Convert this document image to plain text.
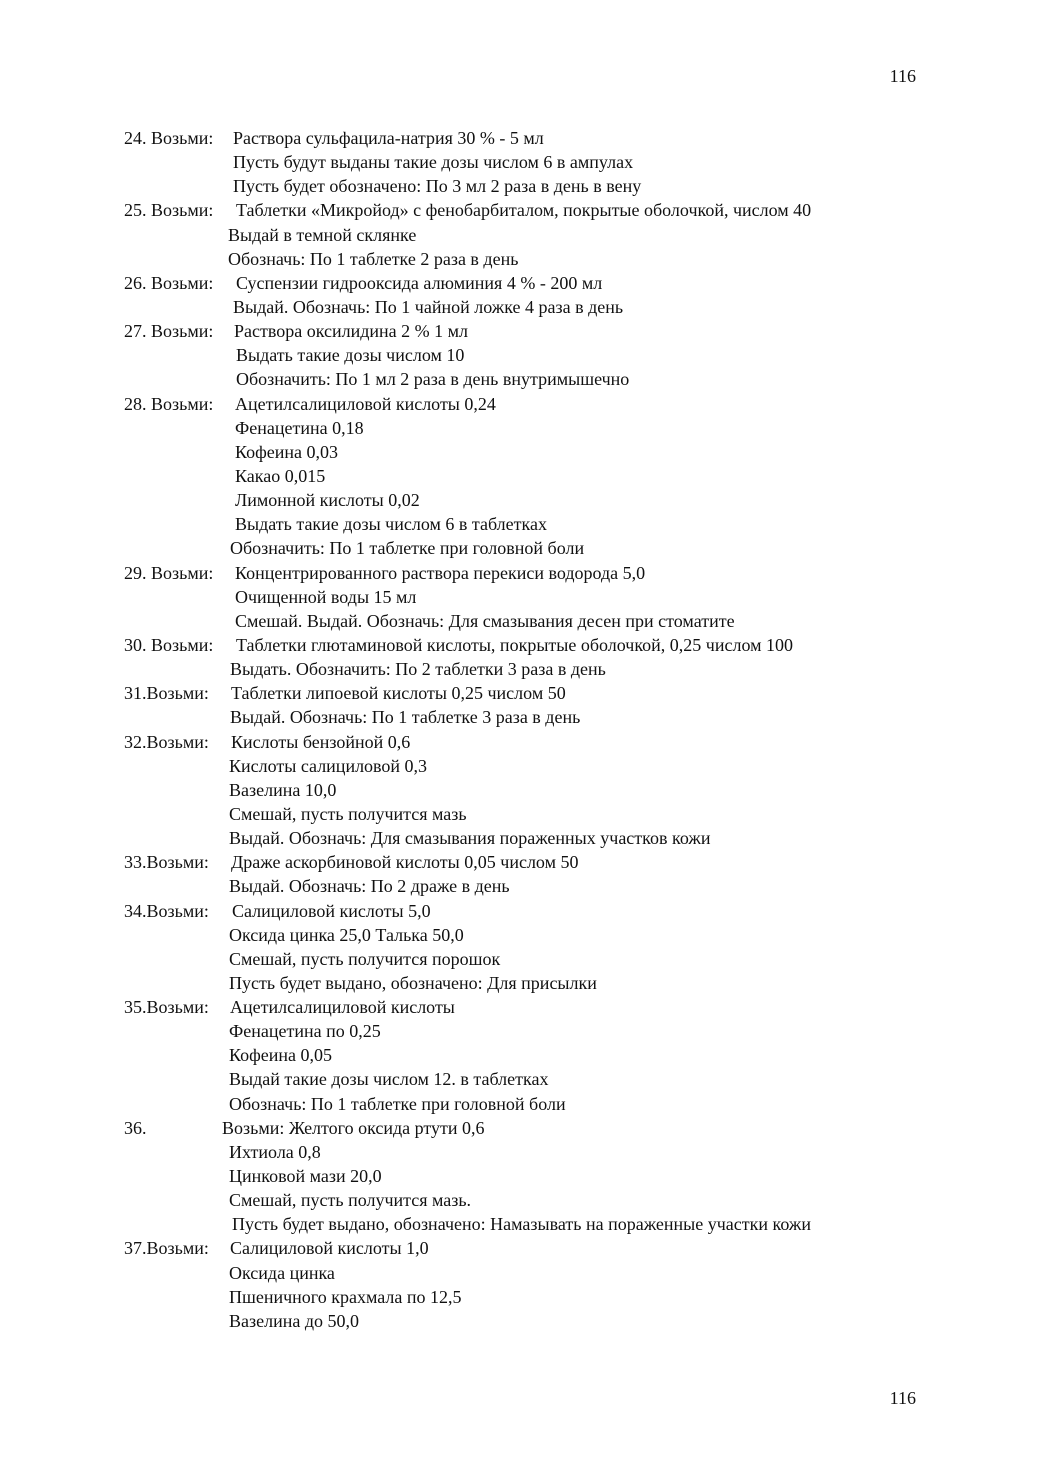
116
24. Возьми: Раствора сульфацила-натрия 30 % - 5 мл
Пусть будут выданы такие дозы числом 6 в ампулах
Пусть будет обозначено: По 3 мл 2 раза в день в вену
25. Возьми: Таблетки «Микройод» с фенобарбиталом, покрытые оболочкой, числом 40
Выдай в темной склянке
Обозначь: По 1 таблетке 2 раза в день
26. Возьми: Суспензии гидрооксида алюминия 4 % - 200 мл
Выдай. Обозначь: По 1 чайной ложке 4 раза в день
27. Возьми: Раствора оксилидина 2 % 1 мл
Выдать такие дозы числом 10
Обозначить: По 1 мл 2 раза в день внутримышечно
28. Возьми: Ацетилсалициловой кислоты 0,24
Фенацетина 0,18
Кофеина 0,03
Какао 0,015
Лимонной кислоты 0,02
Выдать такие дозы числом 6 в таблетках
Обозначить: По 1 таблетке при головной боли
29. Возьми: Концентрированного раствора перекиси водорода 5,0
Очищенной воды 15 мл
Смешай. Выдай. Обозначь: Для смазывания десен при стоматите
30. Возьми: Таблетки глютаминовой кислоты, покрытые оболочкой, 0,25 числом 100
Выдать. Обозначить: По 2 таблетки 3 раза в день
31.Возьми: Таблетки липоевой кислоты 0,25 числом 50
Выдай. Обозначь: По 1 таблетке 3 раза в день
32.Возьми: Кислоты бензойной 0,6
Кислоты салициловой 0,3
Вазелина 10,0
Смешай, пусть получится мазь
Выдай. Обозначь: Для смазывания пораженных участков кожи
33.Возьми: Драже аскорбиновой кислоты 0,05 числом 50
Выдай. Обозначь: По 2 драже в день
34.Возьми: Салициловой кислоты 5,0
Оксида цинка 25,0 Талька 50,0
Смешай, пусть получится порошок
Пусть будет выдано, обозначено: Для присылки
35.Возьми: Ацетилсалициловой кислоты
Фенацетина по 0,25
Кофеина 0,05
Выдай такие дозы числом 12. в таблетках
Обозначь: По 1 таблетке при головной боли
36.	Возьми: Желтого оксида ртути 0,6
Ихтиола 0,8
Цинковой мази 20,0
Смешай, пусть получится мазь.
Пусть будет выдано, обозначено: Намазывать на пораженные участки кожи
37.Возьми: Салициловой кислоты 1,0
Оксида цинка
Пшеничного крахмала по 12,5
Вазелина до 50,0
116
